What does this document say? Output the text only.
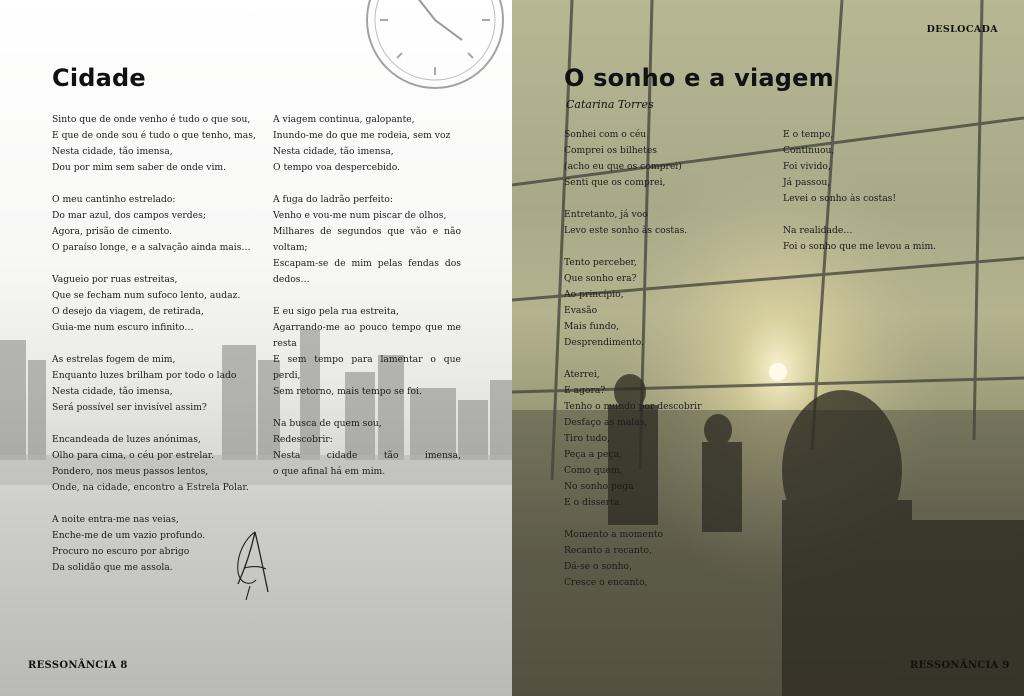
Cidade
Sinto que de onde venho é tudo o que sou,
E que de onde sou é tudo o que tenho, mas,
Nesta cidade, tão imensa,
Dou por mim sem saber de onde vim.
O meu cantinho estrelado:
Do mar azul, dos campos verdes;
Agora, prisão de cimento.
O paraíso longe, e a salvação ainda mais…
Vagueio por ruas estreitas,
Que se fecham num sufoco lento, audaz.
O desejo da viagem, de retirada,
Guia-me num escuro infinito…
As estrelas fogem de mim,
Enquanto luzes brilham por todo o lado
Nesta cidade, tão imensa,
Será possível ser invisível assim?
Encandeada de luzes anónimas,
Olho para cima, o céu por estrelar.
Pondero, nos meus passos lentos,
Onde, na cidade, encontro a Estrela Polar.
A noite entra-me nas veias,
Enche-me de um vazio profundo.
Procuro no escuro por abrigo
Da solidão que me assola.
A viagem continua, galopante,
Inundo-me do que me rodeia, sem voz
Nesta cidade, tão imensa,
O tempo voa despercebido.
A fuga do ladrão perfeito:
Venho e vou-me num piscar de olhos,
Milhares de segundos que vão e não
voltam;
Escapam-se de mim pelas fendas dos
dedos…
E eu sigo pela rua estreita,
Agarrando-me ao pouco tempo que me
resta
E sem tempo para lamentar o que perdi,
Sem retorno, mais tempo se foi.
Na busca de quem sou,
Redescobrir:
Nesta cidade tão imensa,
o que afinal há em mim.

RESSONÂNCIA 8

DESLOCADA

O sonho e a viagem

Catarina Torres

Sonhei com o céu
Comprei os bilhetes
(acho eu que os comprei)
Senti que os comprei,
Entretanto, já voo
Levo este sonho às costas.
Tento perceber,
Que sonho era?
Ao princípio,
Evasão
Mais fundo,
Desprendimento.
Aterrei,
E agora?
Tenho o mundo por descobrir
Desfaço as malas,
Tiro tudo,
Peça a peça,
Como quem,
No sonho pega
E o disserta.
Momento a momento
Recanto a recanto,
Dá-se o sonho,
Cresce o encanto,
E o tempo,
Continuou,
Foi vivido,
Já passou,
Levei o sonho às costas!
Na realidade…
Foi o sonho que me levou a mim.

RESSONÂNCIA 9
